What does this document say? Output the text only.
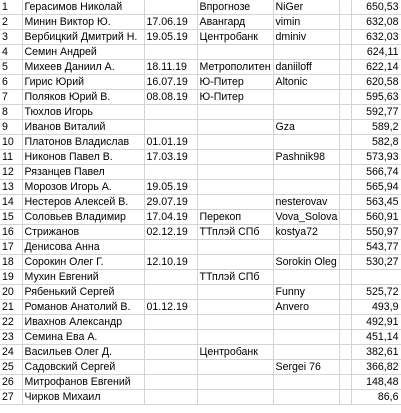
1	Герасимов Николай		Впрогнозе	NiGer		650,53
2	Минин Виктор Ю.	17.06.19	Авангард	vimin		632,08
3	Вербицкий Дмитрий Н.	19.05.19	Центробанк	dminiv		632,03
4	Семин Андрей					624,11
5	Михеев Даниил А.	18.11.19	Метрополитен	daniiloff		622,14
6	Гирис Юрий	16.07.19	Ю-Питер	Altonic		620,58
7	Поляков Юрий В.	08.08.19	Ю-Питер			595,63
8	Тюхлов Игорь					592,77
9	Иванов Виталий			Gza		589,2
10	Платонов Владислав	01.01.19				582,8
11	Никонов Павел В.	17.03.19		Pashnik98		573,93
12	Рязанцев Павел					566,74
13	Морозов Игорь А.	19.05.19				565,94
14	Нестеров Алексей В.	29.07.19		nesterovav		563,45
15	Соловьев Владимир	17.04.19	Перекоп	Vova_Solova		560,91
16	Стрижанов	02.12.19	ТТплэй СПб	kostya72		550,97
17	Денисова Анна					543,77
18	Сорокин Олег Г.	12.10.19		Sorokin Oleg		530,27
19	Мухин Евгений		ТТплэй СПб			
20	Рябенький Сергей			Funny		525,72
21	Романов Анатолий В.	01.12.19		Anvero		493,9
22	Ивахнов Александр					492,91
23	Семина Ева А.					451,14
24	Васильев Олег Д.		Центробанк			382,61
25	Садовский Сергей			Sergei 76		366,82
26	Митрофанов Евгений					148,48
27	Чирков Михаил					86,6
